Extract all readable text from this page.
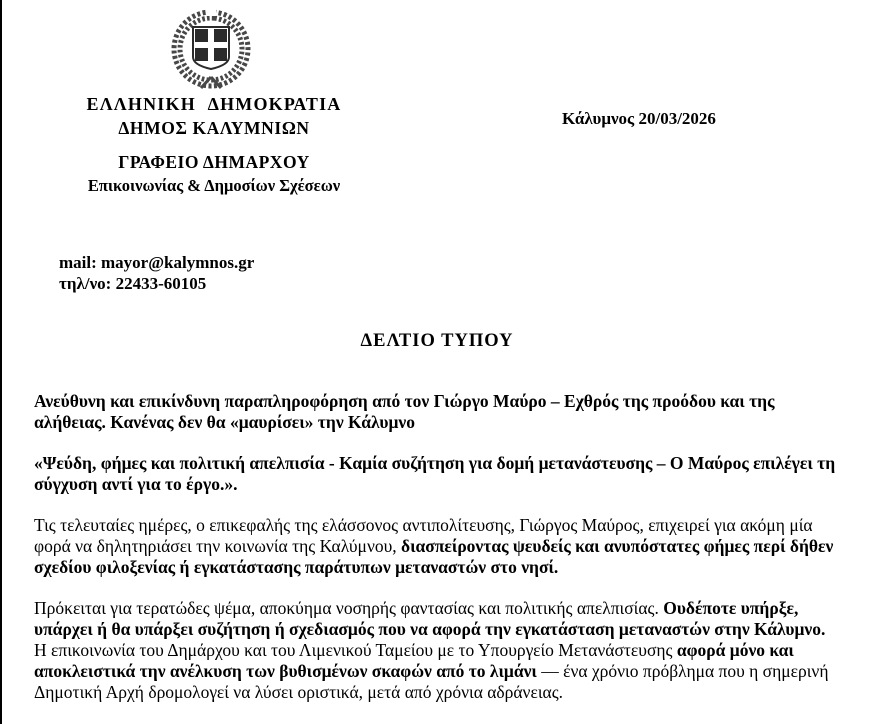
ΕΛΛΗΝΙΚΗ ΔΗΜΟΚΡΑΤΙΑ
ΔΗΜΟΣ ΚΑΛΥΜΝΙΩΝ	Κάλυμνος 20/03/2026
ΓΡΑΦΕΙΟ ΔΗΜΑΡΧΟΥ
Επικοινωνίας & Δημοσίων Σχέσεων
mail: mayor@kalymnos.gr
τηλ/νο: 22433-60105
ΔΕΛΤΙΟ ΤΥΠΟΥ

Ανεύθυνη και επικίνδυνη παραπληροφόρηση από τον Γιώργο Μαύρο – Εχθρός της προόδου και της αλήθειας. Κανένας δεν θα «μαυρίσει» την Κάλυμνο

«Ψεύδη, φήμες και πολιτική απελπισία - Καμία συζήτηση για δομή μετανάστευσης – Ο Μαύρος επιλέγει τη σύγχυση αντί για το έργο.».

Τις τελευταίες ημέρες, ο επικεφαλής της ελάσσονος αντιπολίτευσης, Γιώργος Μαύρος, επιχειρεί για ακόμη μία φορά να δηλητηριάσει την κοινωνία της Καλύμνου, διασπείροντας ψευδείς και ανυπόστατες φήμες περί δήθεν σχεδίου φιλοξενίας ή εγκατάστασης παράτυπων μεταναστών στο νησί.

Πρόκειται για τερατώδες ψέμα, αποκύημα νοσηρής φαντασίας και πολιτικής απελπισίας. Ουδέποτε υπήρξε, υπάρχει ή θα υπάρξει συζήτηση ή σχεδιασμός που να αφορά την εγκατάσταση μεταναστών στην Κάλυμνο. Η επικοινωνία του Δημάρχου και του Λιμενικού Ταμείου με το Υπουργείο Μετανάστευσης αφορά μόνο και αποκλειστικά την ανέλκυση των βυθισμένων σκαφών από το λιμάνι — ένα χρόνιο πρόβλημα που η σημερινή Δημοτική Αρχή δρομολογεί να λύσει οριστικά, μετά από χρόνια αδράνειας.
